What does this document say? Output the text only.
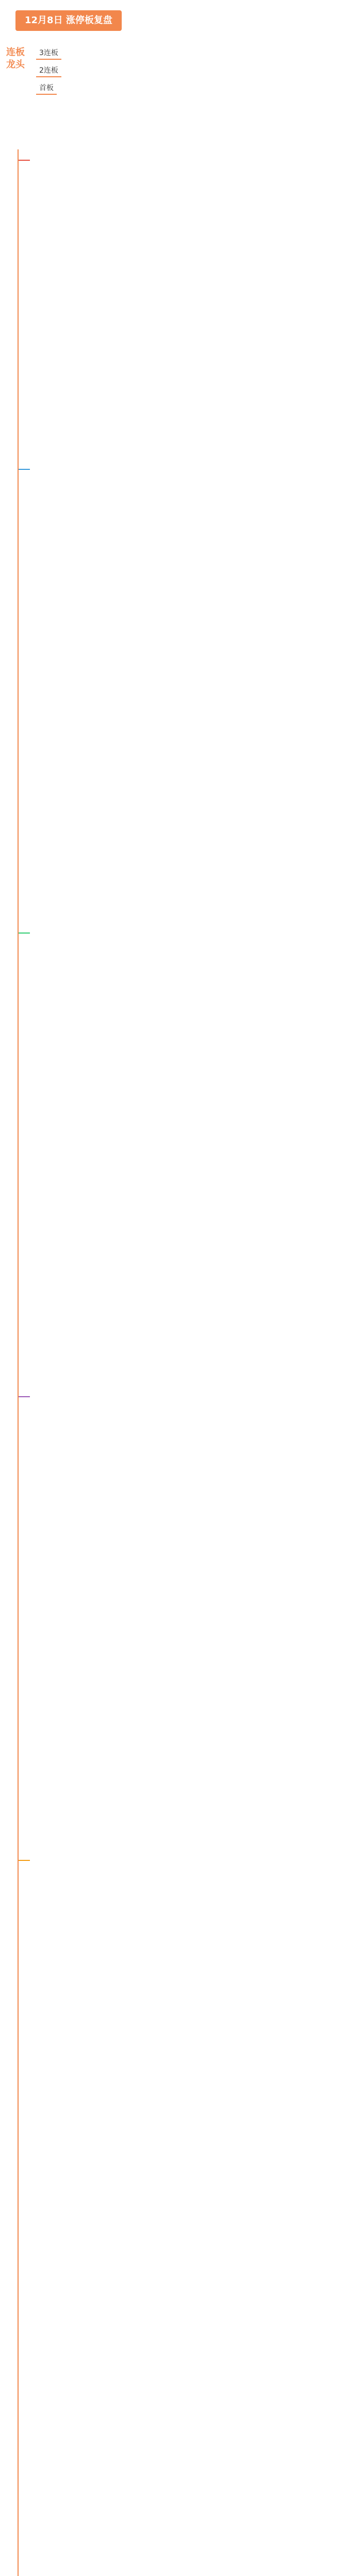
12月8日 涨停板复盘
连板 龙头
3连板
2连板
首板
